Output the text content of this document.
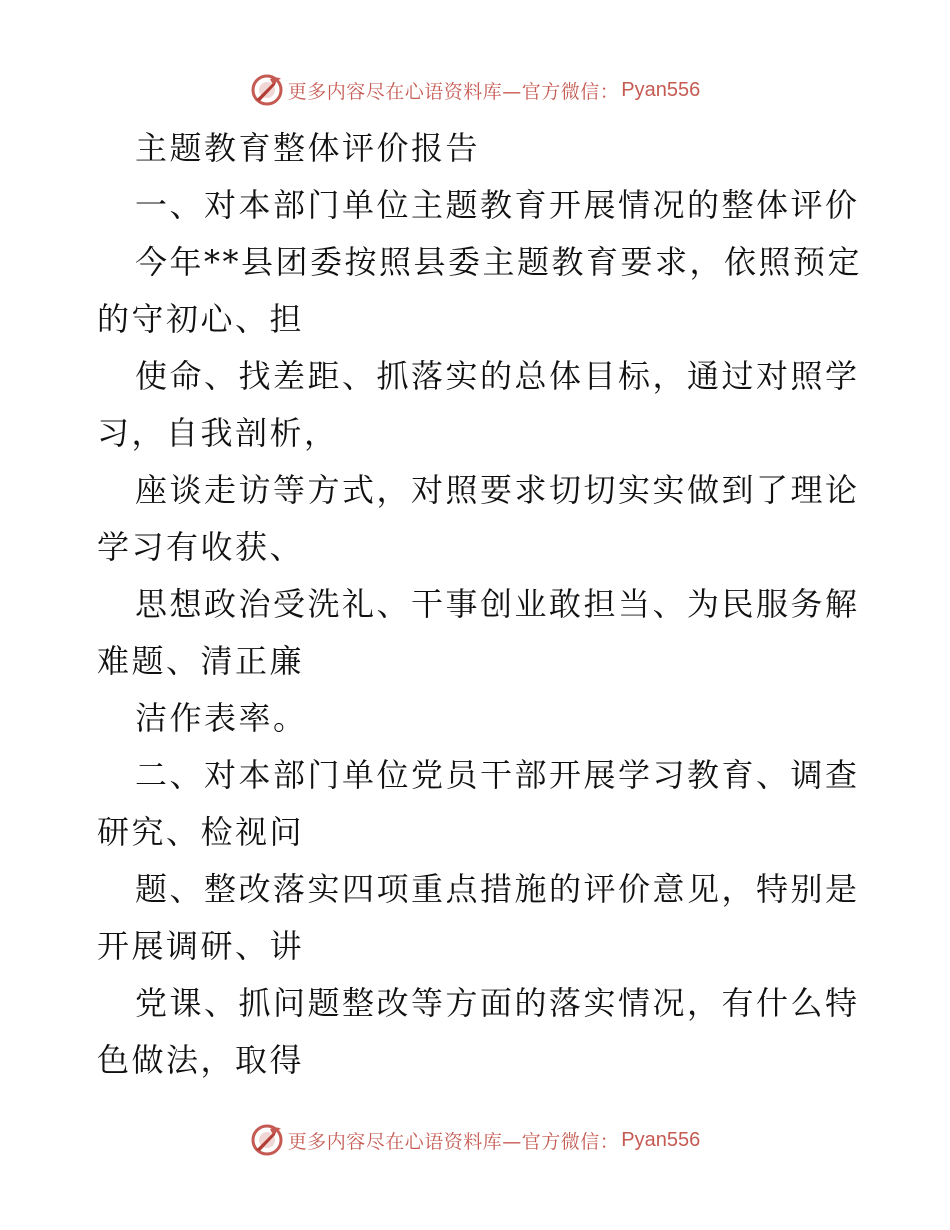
更多内容尽在心语资料库—官方微信： Pyan556
主题教育整体评价报告
一、对本部门单位主题教育开展情况的整体评价
今年**县团委按照县委主题教育要求，依照预定
的守初心、担
使命、找差距、抓落实的总体目标，通过对照学
习，自我剖析，
座谈走访等方式，对照要求切切实实做到了理论
学习有收获、
思想政治受洗礼、干事创业敢担当、为民服务解
难题、清正廉
洁作表率。
二、对本部门单位党员干部开展学习教育、调查
研究、检视问
题、整改落实四项重点措施的评价意见，特别是
开展调研、讲
党课、抓问题整改等方面的落实情况，有什么特
色做法，取得
更多内容尽在心语资料库—官方微信： Pyan556
